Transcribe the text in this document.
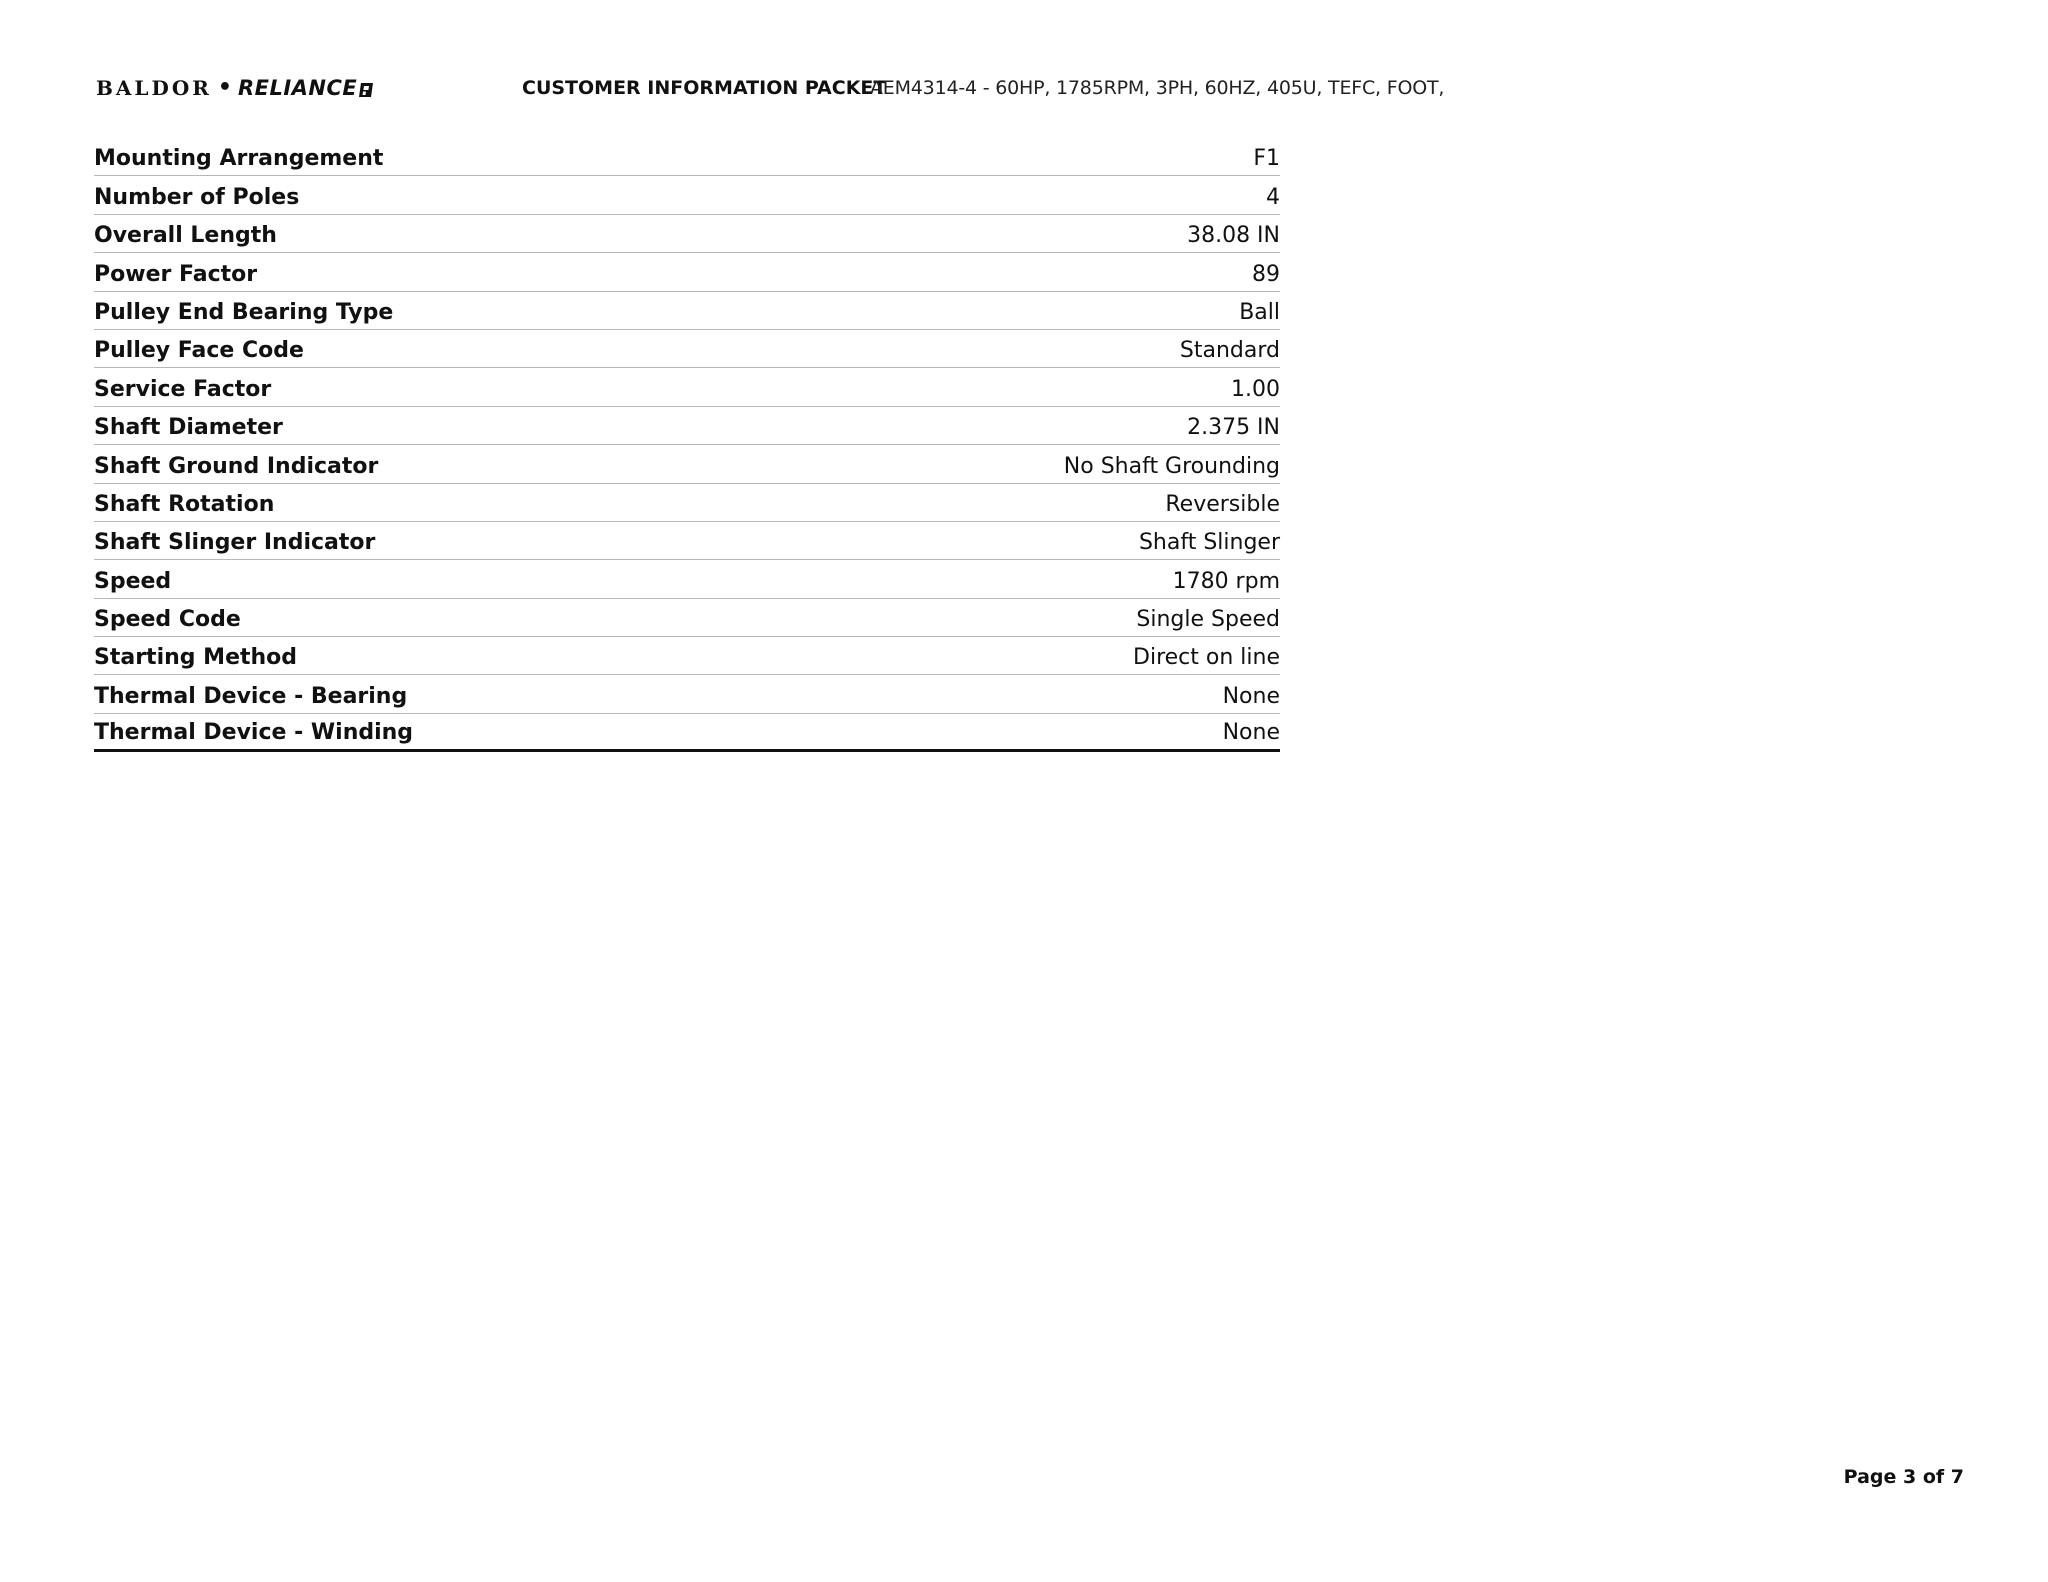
BALDOR • RELIANCE	CUSTOMER INFORMATION PACKET
AEM4314-4 - 60HP, 1785RPM, 3PH, 60HZ, 405U, TEFC, FOOT,
Mounting Arrangement	F1
Number of Poles	4
Overall Length	38.08 IN
Power Factor	89
Pulley End Bearing Type	Ball
Pulley Face Code	Standard
Service Factor	1.00
Shaft Diameter	2.375 IN
Shaft Ground Indicator	No Shaft Grounding
Shaft Rotation	Reversible
Shaft Slinger Indicator	Shaft Slinger
Speed	1780 rpm
Speed Code	Single Speed
Starting Method	Direct on line
Thermal Device - Bearing	None
Thermal Device - Winding	None
Page 3 of 7
